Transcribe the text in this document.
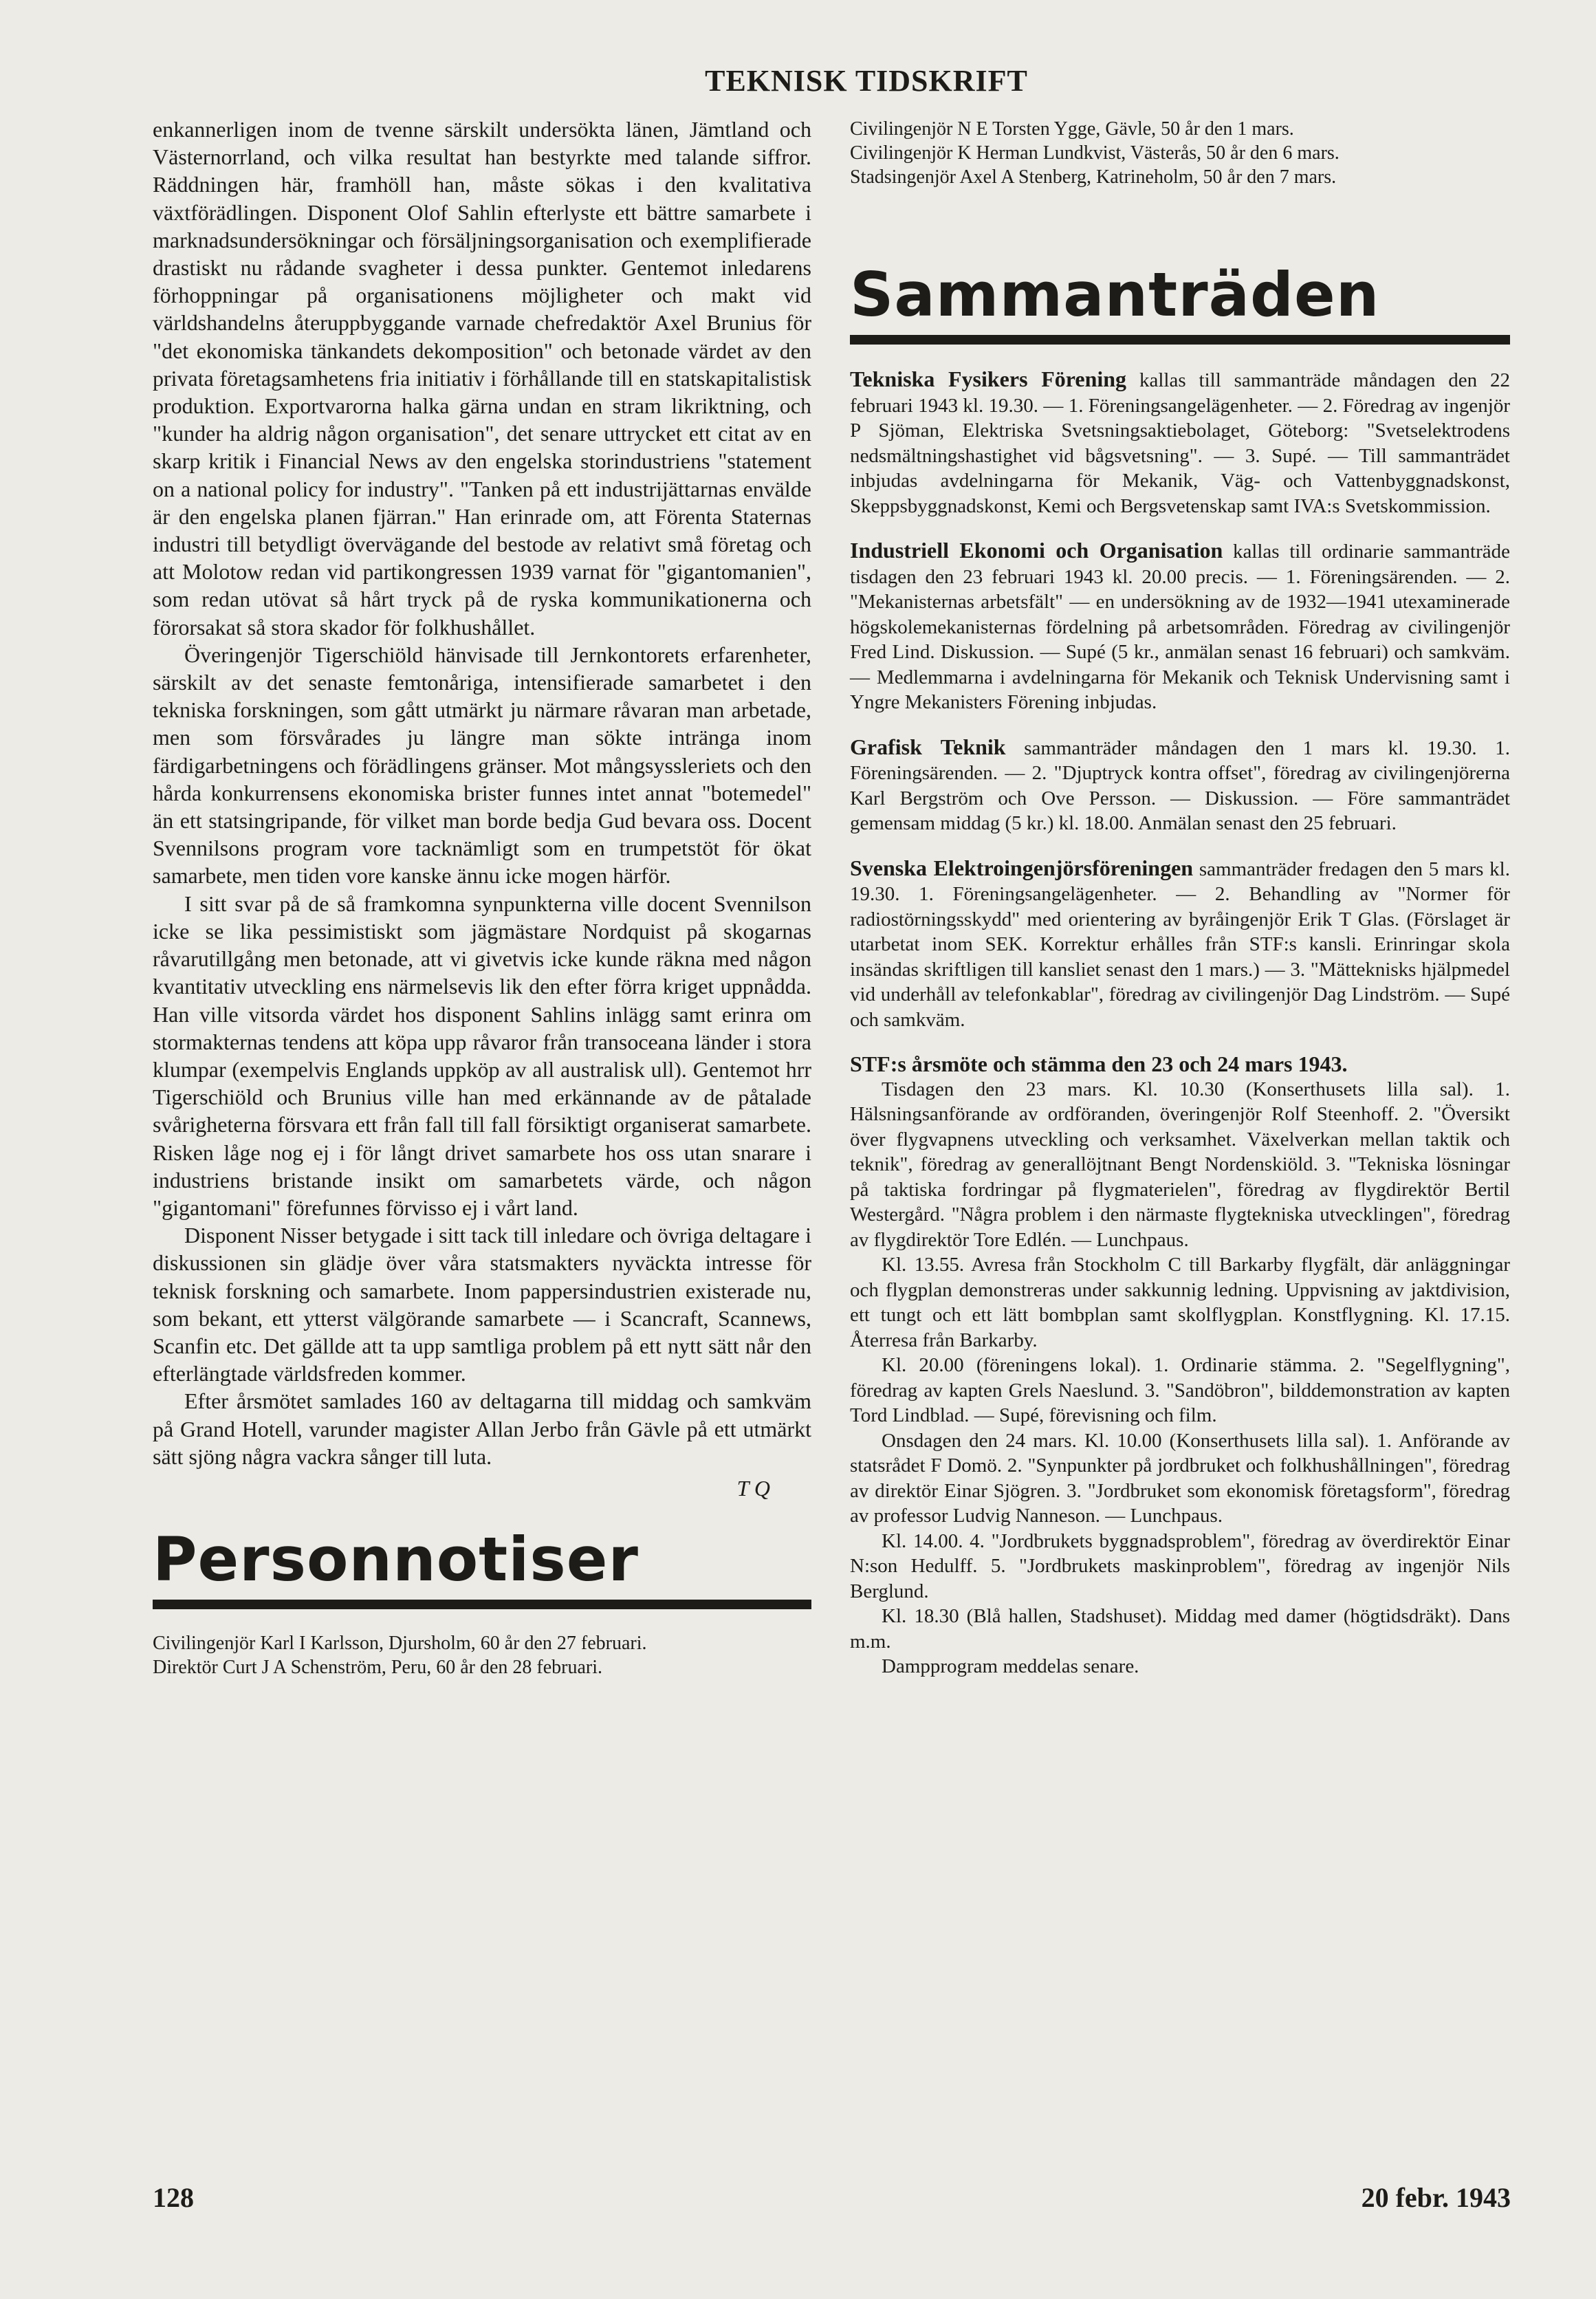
TEKNISK TIDSKRIFT

enkannerligen inom de tvenne särskilt undersökta länen, Jämtland och Västernorrland, och vilka resultat han bestyrkte med talande siffror. Räddningen här, framhöll han, måste sökas i den kvalitativa växtförädlingen. Disponent Olof Sahlin efterlyste ett bättre samarbete i marknadsundersökningar och försäljningsorganisation och exemplifierade drastiskt nu rådande svagheter i dessa punkter. Gentemot inledarens förhoppningar på organisationens möjligheter och makt vid världshandelns återuppbyggande varnade chefredaktör Axel Brunius för "det ekonomiska tänkandets dekomposition" och betonade värdet av den privata företagsamhetens fria initiativ i förhållande till en statskapitalistisk produktion. Exportvarorna halka gärna undan en stram likriktning, och "kunder ha aldrig någon organisation", det senare uttrycket ett citat av en skarp kritik i Financial News av den engelska storindustriens "statement on a national policy for industry". "Tanken på ett industrijättarnas envälde är den engelska planen fjärran." Han erinrade om, att Förenta Staternas industri till betydligt övervägande del bestode av relativt små företag och att Molotow redan vid partikongressen 1939 varnat för "gigantomanien", som redan utövat så hårt tryck på de ryska kommunikationerna och förorsakat så stora skador för folkhushållet.

Överingenjör Tigerschiöld hänvisade till Jernkontorets erfarenheter, särskilt av det senaste femtonåriga, intensifierade samarbetet i den tekniska forskningen, som gått utmärkt ju närmare råvaran man arbetade, men som försvårades ju längre man sökte inträngа inom färdigarbetningens och förädlingens gränser. Mot mångsyssleriets och den hårda konkurrensens ekonomiska brister funnes intet annat "botemedel" än ett statsingripande, för vilket man borde bedja Gud bevara oss. Docent Svennilsons program vore tacknämligt som en trumpetstöt för ökat samarbete, men tiden vore kanske ännu icke mogen härför.

I sitt svar på de så framkomna synpunkterna ville docent Svennilson icke se lika pessimistiskt som jägmästare Nordquist på skogarnas råvarutillgång men betonade, att vi givetvis icke kunde räkna med någon kvantitativ utveckling ens närmelsevis lik den efter förra kriget uppnådda. Han ville vitsorda värdet hos disponent Sahlins inlägg samt erinra om stormakternas tendens att köpa upp råvaror från transoceana länder i stora klumpar (exempelvis Englands uppköp av all australisk ull). Gentemot hrr Tigerschiöld och Brunius ville han med erkännande av de påtalade svårigheterna försvara ett från fall till fall försiktigt organiserat samarbete. Risken låge nog ej i för långt drivet samarbete hos oss utan snarare i industriens bristande insikt om samarbetets värde, och någon "gigantomani" förefunnes förvisso ej i vårt land.

Disponent Nisser betygade i sitt tack till inledare och övriga deltagare i diskussionen sin glädje över våra statsmakters nyväckta intresse för teknisk forskning och samarbete. Inom pappersindustrien existerade nu, som bekant, ett ytterst välgörande samarbete — i Scancraft, Scannews, Scanfin etc. Det gällde att ta upp samtliga problem på ett nytt sätt når den efterlängtade världsfreden kommer.

Efter årsmötet samlades 160 av deltagarna till middag och samkväm på Grand Hotell, varunder magister Allan Jerbo från Gävle på ett utmärkt sätt sjöng några vackra sånger till luta.

T Q
Personnotiser

Civilingenjör Karl I Karlsson, Djursholm, 60 år den 27 februari.

Direktör Curt J A Schenström, Peru, 60 år den 28 februari.

Civilingenjör N E Torsten Ygge, Gävle, 50 år den 1 mars.

Civilingenjör K Herman Lundkvist, Västerås, 50 år den 6 mars.

Stadsingenjör Axel A Stenberg, Katrineholm, 50 år den 7 mars.

Sammanträden
Tekniska Fysikers Förening kallas till sammanträde måndagen den 22 februari 1943 kl. 19.30. — 1. Föreningsangelägenheter. — 2. Föredrag av ingenjör P Sjöman, Elektriska Svetsningsaktiebolaget, Göteborg: "Svetselektrodens nedsmältningshastighet vid bågsvetsning". — 3. Supé. — Till sammanträdet inbjudas avdelningarna för Mekanik, Väg- och Vattenbyggnadskonst, Skeppsbyggnadskonst, Kemi och Bergsvetenskap samt IVA:s Svetskommission.
Industriell Ekonomi och Organisation kallas till ordinarie sammanträde tisdagen den 23 februari 1943 kl. 20.00 precis. — 1. Föreningsärenden. — 2. "Mekanisternas arbetsfält" — en undersökning av de 1932—1941 utexaminerade högskolemekanisternas fördelning på arbetsområden. Föredrag av civilingenjör Fred Lind. Diskussion. — Supé (5 kr., anmälan senast 16 februari) och samkväm. — Medlemmarna i avdelningarna för Mekanik och Teknisk Undervisning samt i Yngre Mekanisters Förening inbjudas.
Grafisk Teknik sammanträder måndagen den 1 mars kl. 19.30. 1. Föreningsärenden. — 2. "Djuptryck kontra offset", föredrag av civilingenjörerna Karl Bergström och Ove Persson. — Diskussion. — Före sammanträdet gemensam middag (5 kr.) kl. 18.00. Anmälan senast den 25 februari.
Svenska Elektroingenjörsföreningen sammanträder fredagen den 5 mars kl. 19.30. 1. Föreningsangelägenheter. — 2. Behandling av "Normer för radiostörningsskydd" med orientering av byråingenjör Erik T Glas. (Förslaget är utarbetat inom SEK. Korrektur erhålles från STF:s kansli. Erinringar skola insändas skriftligen till kansliet senast den 1 mars.) — 3. "Mätteknisks hjälpmedel vid underhåll av telefonkablar", föredrag av civilingenjör Dag Lindström. — Supé och samkväm.
STF:s årsmöte och stämma den 23 och 24 mars 1943.

Tisdagen den 23 mars. Kl. 10.30 (Konserthusets lilla sal). 1. Hälsningsanförande av ordföranden, överingenjör Rolf Steenhoff. 2. "Översikt över flygvapnens utveckling och verksamhet. Växelverkan mellan taktik och teknik", föredrag av generallöjtnant Bengt Nordenskiöld. 3. "Tekniska lösningar på taktiska fordringar på flygmaterielen", föredrag av flygdirektör Bertil Westergård. "Några problem i den närmaste flygtekniska utvecklingen", föredrag av flygdirektör Tore Edlén. — Lunchpaus.

Kl. 13.55. Avresa från Stockholm C till Barkarby flygfält, där anläggningar och flygplan demonstreras under sakkunnig ledning. Uppvisning av jaktdivision, ett tungt och ett lätt bombplan samt skolflygplan. Konstflygning. Kl. 17.15. Återresa från Barkarby.

Kl. 20.00 (föreningens lokal). 1. Ordinarie stämma. 2. "Segelflygning", föredrag av kapten Grels Naeslund. 3. "Sandöbron", bilddemonstration av kapten Tord Lindblad. — Supé, förevisning och film.

Onsdagen den 24 mars. Kl. 10.00 (Konserthusets lilla sal). 1. Anförande av statsrådet F Domö. 2. "Synpunkter på jordbruket och folkhushållningen", föredrag av direktör Einar Sjögren. 3. "Jordbruket som ekonomisk företagsform", föredrag av professor Ludvig Nanneson. — Lunchpaus.

Kl. 14.00. 4. "Jordbrukets byggnadsproblem", föredrag av överdirektör Einar N:son Hedulff. 5. "Jordbrukets maskinproblem", föredrag av ingenjör Nils Berglund.

Kl. 18.30 (Blå hallen, Stadshuset). Middag med damer (högtidsdräkt). Dans m.m.

Dampprogram meddelas senare.

128	20 febr. 1943
